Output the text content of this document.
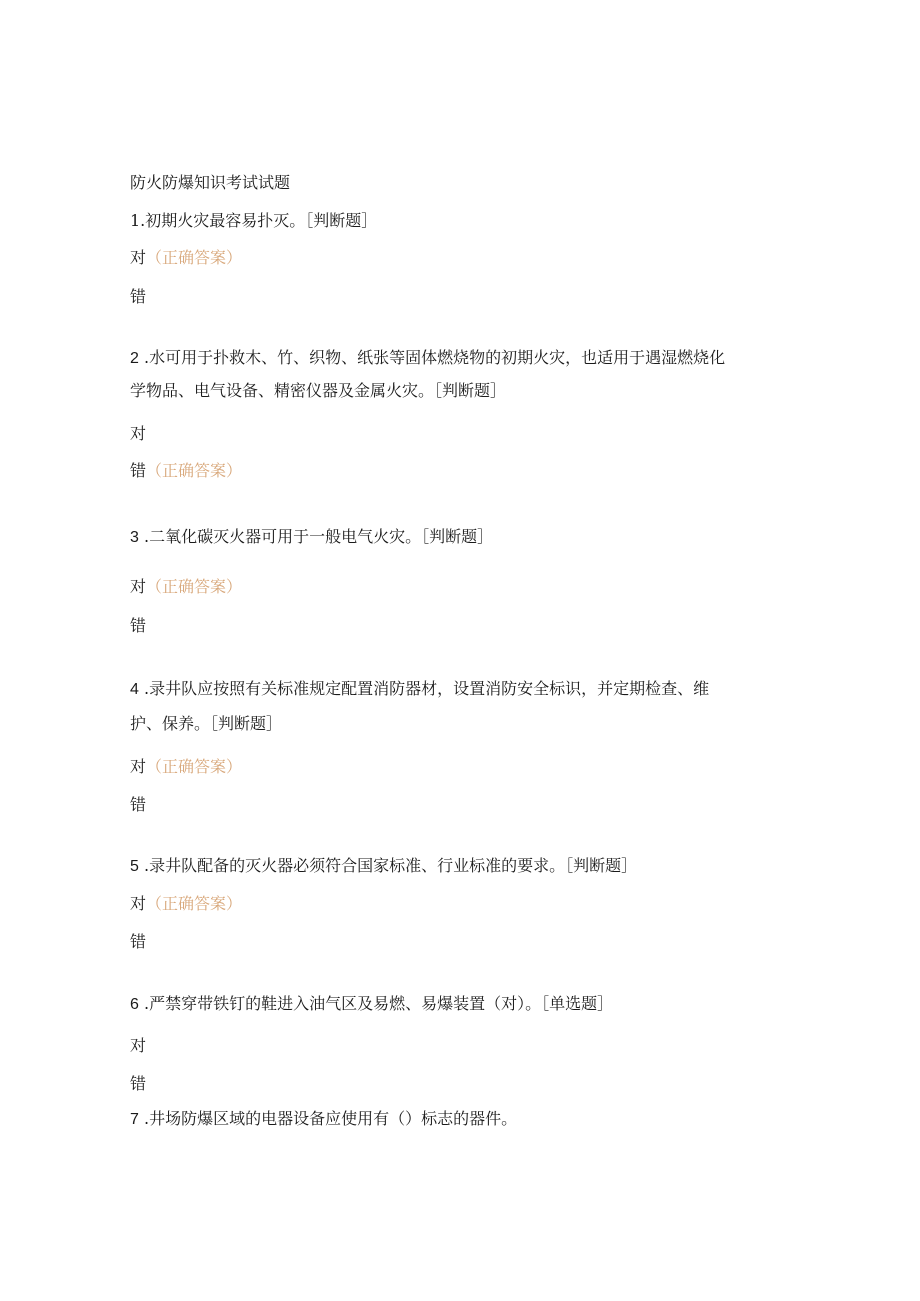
防火防爆知识考试试题
1.初期火灾最容易扑灭。［判断题］
对（正确答案）
错
2 .水可用于扑救木、竹、织物、纸张等固体燃烧物的初期火灾，也适用于遇湿燃烧化
学物品、电气设备、精密仪器及金属火灾。［判断题］
对
错（正确答案）
3 .二氧化碳灭火器可用于一般电气火灾。［判断题］
对（正确答案）
错
4 .录井队应按照有关标准规定配置消防器材，设置消防安全标识，并定期检查、维
护、保养。［判断题］
对（正确答案）
错
5 .录井队配备的灭火器必须符合国家标准、行业标准的要求。［判断题］
对（正确答案）
错
6 .严禁穿带铁钉的鞋进入油气区及易燃、易爆装置（对）。［单选题］
对
错
7 .井场防爆区域的电器设备应使用有（）标志的器件。
